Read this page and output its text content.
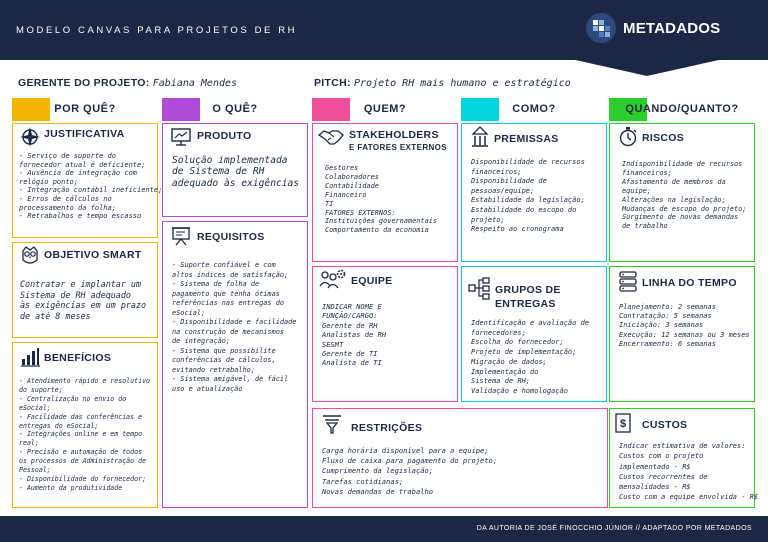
MODELO CANVAS PARA PROJETOS DE RH	METADADOS
GERENTE DO PROJETO: Fabiana Mendes	PITCH: Projeto RH mais humano e estratégico
POR QUÊ?	O QUÊ?	QUEM?	COMO?	QUANDO/QUANTO?
JUSTIFICATIVA
- Serviço de suporte do
fornecedor atual é deficiente;
- Ausência de integração com
relógio ponto;
- Integração contábil ineficiente;
- Erros de cálculos no
processamento da folha;
- Retrabalhos e tempo escasso
OBJETIVO SMART
Contratar e implantar um
Sistema de RH adequado
às exigências em um prazo
de até 8 meses
BENEFÍCIOS
- Atendimento rápido e resolutivo
do suporte;
- Centralização no envio do
eSocial;
- Facilidade das conferências e
entregas do eSocial;
- Integrações online e em tempo
real;
- Precisão e automação de todos
os processos de Administração de
Pessoal;
- Disponibilidade do fornecedor;
- Aumento da produtividade
PRODUTO
Solução implementada
de Sistema de RH
adequado às exigências
REQUISITOS
- Suporte confiável e com
altos índices de satisfação;
- Sistema de folha de
pagamento que tenha ótimas
referências nas entregas do
eSocial;
- Disponibilidade e facilidade
na construção de mecanismos
de integração;
- Sistema que possibilite
conferências de cálculos,
evitando retrabalho;
- Sistema amigável, de fácil
uso e atualização
STAKEHOLDERS
E FATORES EXTERNOS
Gestores
Colaboradores
Contabilidade
Financeiro
TI
FATORES EXTERNOS:
Instituições governamentais
Comportamento da economia
EQUIPE
INDICAR NOME E
FUNÇÃO/CARGO:
Gerente de RH
Analistas de RH
SESMT
Gerente de TI
Analista de TI
RESTRIÇÕES
Carga horária disponível para a equipe;
Fluxo de caixa para pagamento do projeto;
Cumprimento da legislação;
Tarefas cotidianas;
Novas demandas de trabalho
PREMISSAS
Disponibilidade de recursos
financeiros;
Disponibilidade de
pessoas/equipe;
Estabilidade da legislação;
Estabilidade do escopo do
projeto;
Respeito ao cronograma
GRUPOS DE
ENTREGAS
Identificação e avaliação de
fornecedores;
Escolha do fornecedor;
Projeto de implementação;
Migração de dados;
Implementação do
Sistema de RH;
Validação e homologação
RISCOS
Indisponibilidade de recursos
financeiros;
Afastamento de membros da
equipe;
Alterações na legislação;
Mudanças de escopo do projeto;
Surgimento de novas demandas
de trabalho
LINHA DO TEMPO
Planejamento: 2 semanas
Contratação: 5 semanas
Iniciação: 3 semanas
Execução: 12 semanas ou 3 meses
Encerramento: 6 semanas
$ CUSTOS
Indicar estimativa de valores:
Custos com o projeto
implementado - R$
Custos recorrentes de
mensalidades - R$
Custo com a equipe envolvida - R$
DA AUTORIA DE JOSÉ FINOCCHIO JÚNIOR // ADAPTADO POR METADADOS
